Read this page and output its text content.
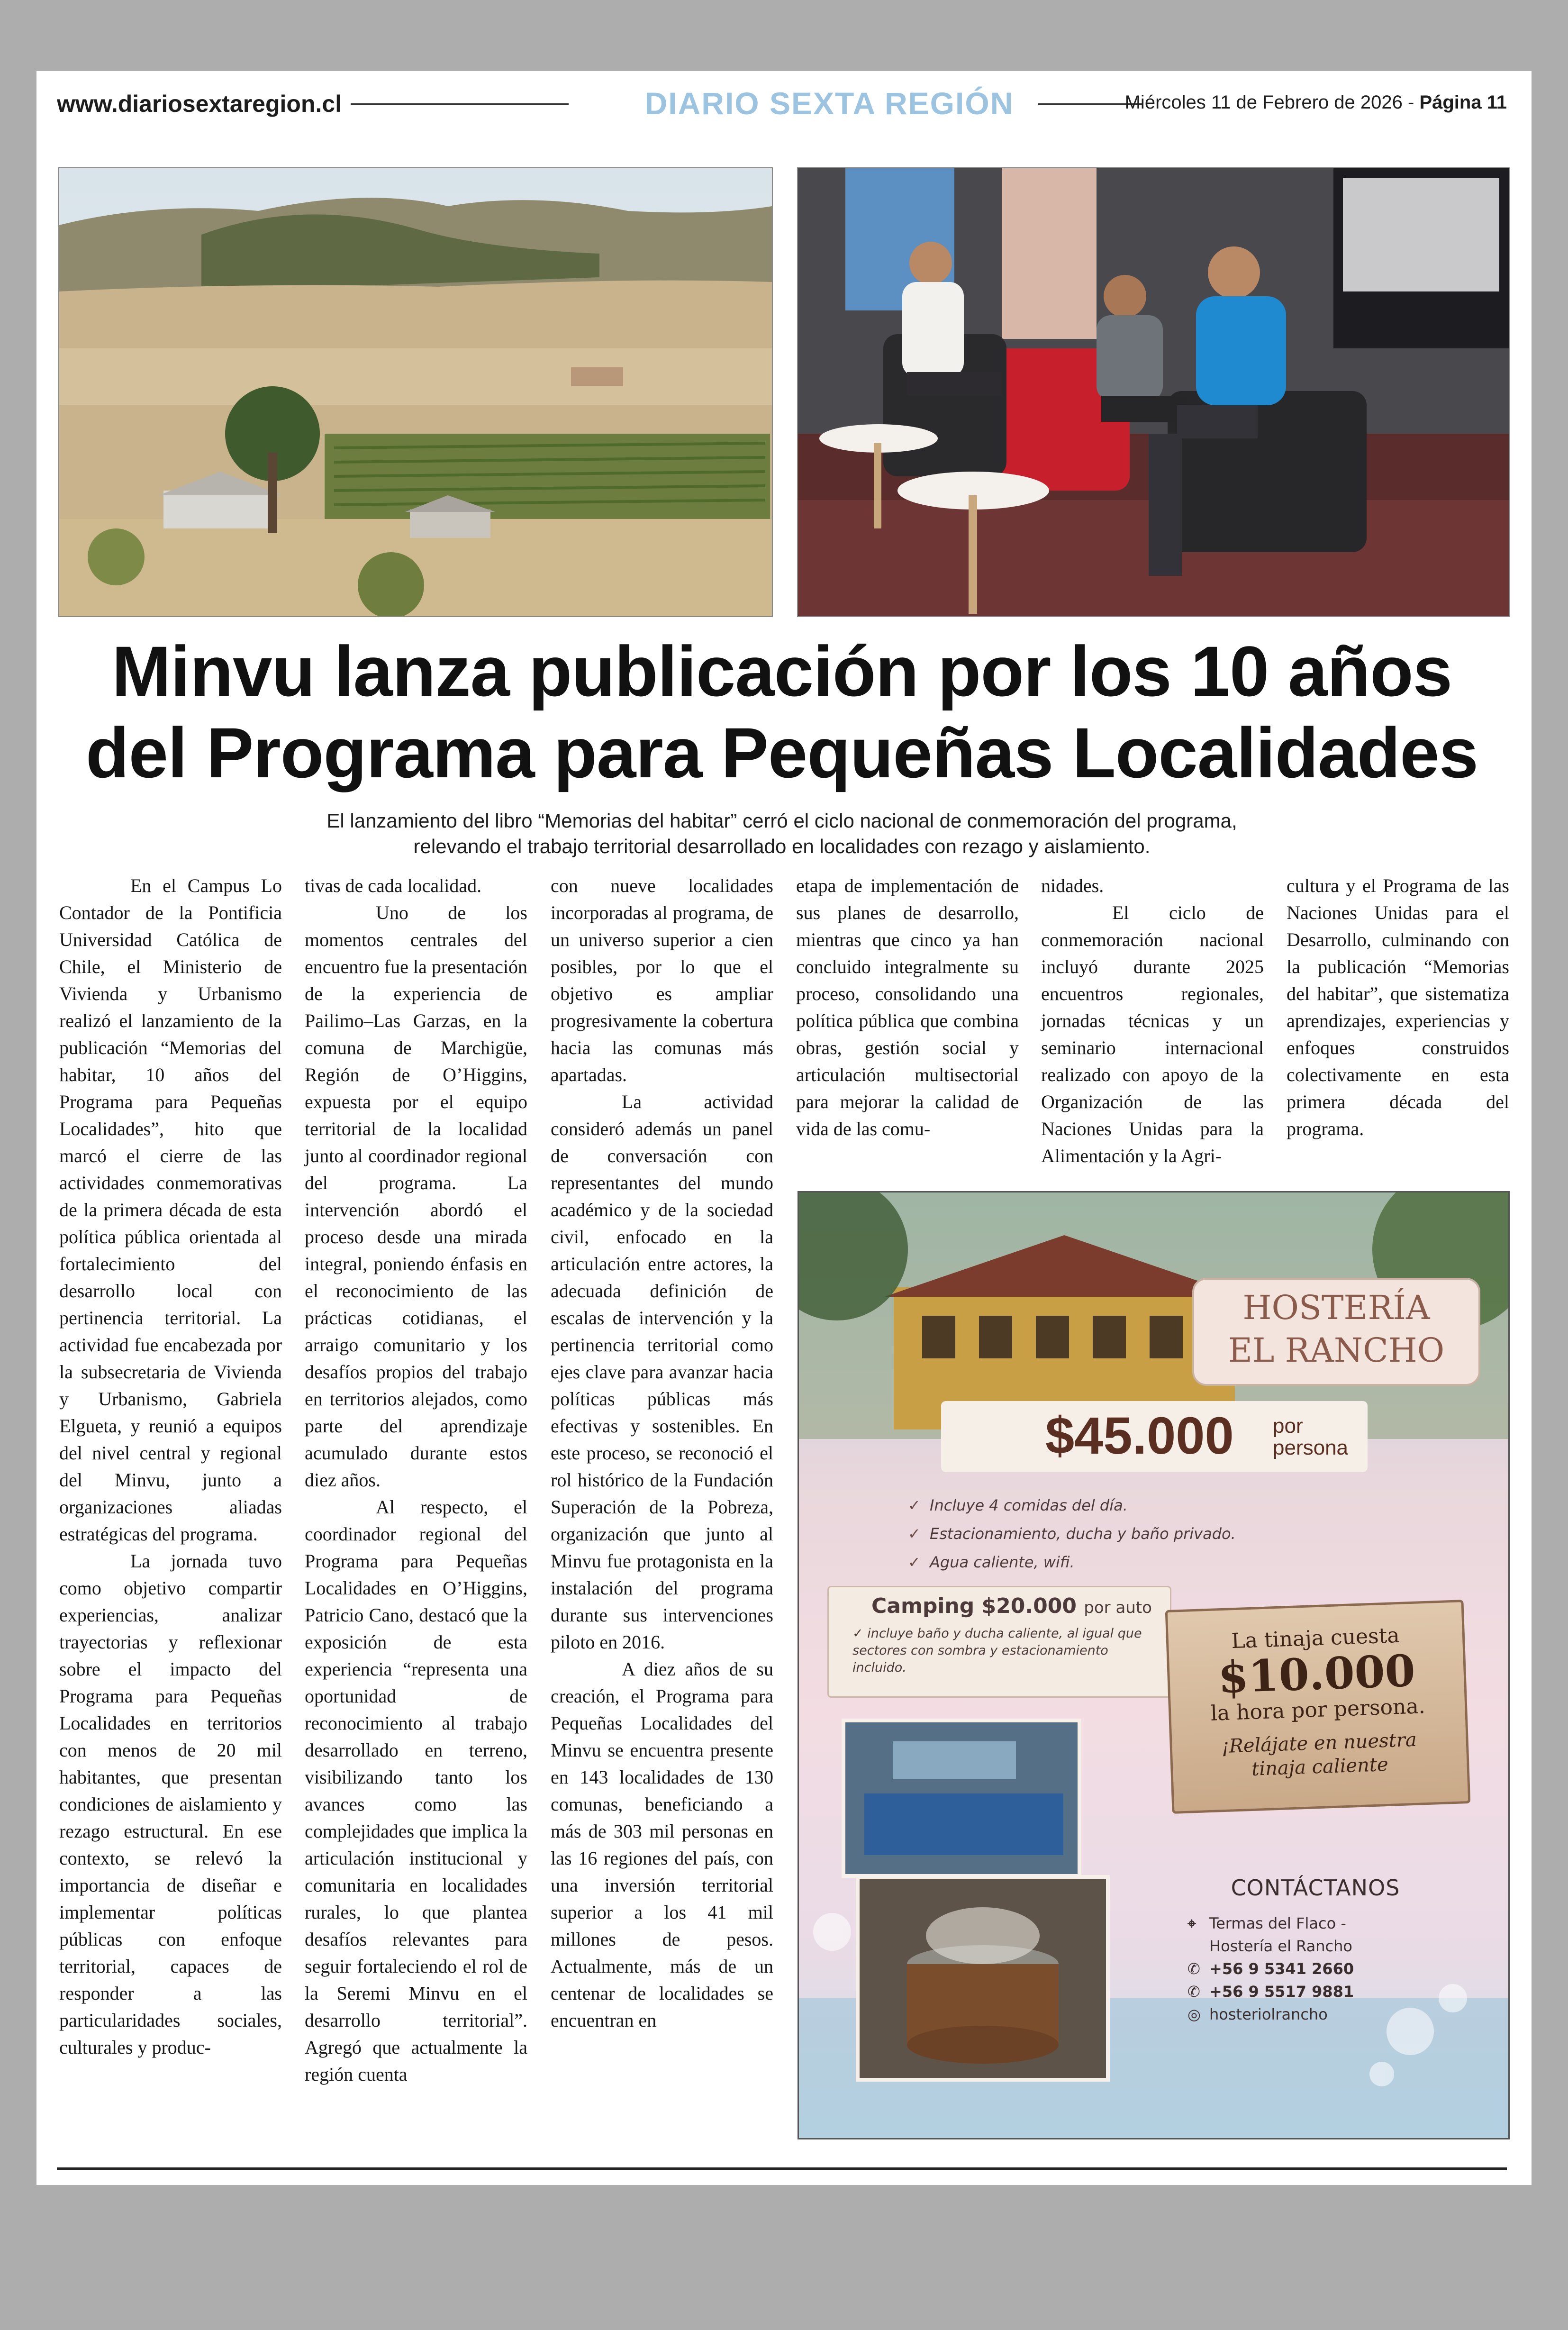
www.diariosextaregion.cl	DIARIO SEXTA REGIÓN	Miércoles 11 de Febrero de 2026 - Página 11
Minvu lanza publicación por los 10 años
del Programa para Pequeñas Localidades
El lanzamiento del libro “Memorias del habitar” cerró el ciclo nacional de conmemoración del programa,
relevando el trabajo territorial desarrollado en localidades con rezago y aislamiento.

En el Campus Lo Contador de la Pontificia Universidad Católica de Chile, el Ministerio de Vivienda y Urbanismo realizó el lanzamiento de la publicación “Memorias del habitar, 10 años del Programa para Pequeñas Localidades”, hito que marcó el cierre de las actividades conmemorativas de la primera década de esta política pública orientada al fortalecimiento del desarrollo local con pertinencia territorial. La actividad fue encabezada por la subsecretaria de Vivienda y Urbanismo, Gabriela Elgueta, y reunió a equipos del nivel central y regional del Minvu, junto a organizaciones aliadas estratégicas del programa.

La jornada tuvo como objetivo compartir experiencias, analizar trayectorias y reflexionar sobre el impacto del Programa para Pequeñas Localidades en territorios con menos de 20 mil habitantes, que presentan condiciones de aislamiento y rezago estructural. En ese contexto, se relevó la importancia de diseñar e implementar políticas públicas con enfoque territorial, capaces de responder a las particularidades sociales, culturales y produc-

tivas de cada localidad.

Uno de los momentos centrales del encuentro fue la presentación de la experiencia de Pailimo–Las Garzas, en la comuna de Marchigüe, Región de O’Higgins, expuesta por el equipo territorial de la localidad junto al coordinador regional del programa. La intervención abordó el proceso desde una mirada integral, poniendo énfasis en el reconocimiento de las prácticas cotidianas, el arraigo comunitario y los desafíos propios del trabajo en territorios alejados, como parte del aprendizaje acumulado durante estos diez años.

Al respecto, el coordinador regional del Programa para Pequeñas Localidades en O’Higgins, Patricio Cano, destacó que la exposición de esta experiencia “representa una oportunidad de reconocimiento al trabajo desarrollado en terreno, visibilizando tanto los avances como las complejidades que implica la articulación institucional y comunitaria en localidades rurales, lo que plantea desafíos relevantes para seguir fortaleciendo el rol de la Seremi Minvu en el desarrollo territorial”. Agregó que actualmente la región cuenta

con nueve localidades incorporadas al programa, de un universo superior a cien posibles, por lo que el objetivo es ampliar progresivamente la cobertura hacia las comunas más apartadas.

La actividad consideró además un panel de conversación con representantes del mundo académico y de la sociedad civil, enfocado en la articulación entre actores, la adecuada definición de escalas de intervención y la pertinencia territorial como ejes clave para avanzar hacia políticas públicas más efectivas y sostenibles. En este proceso, se reconoció el rol histórico de la Fundación Superación de la Pobreza, organización que junto al Minvu fue protagonista en la instalación del programa durante sus intervenciones piloto en 2016.

A diez años de su creación, el Programa para Pequeñas Localidades del Minvu se encuentra presente en 143 localidades de 130 comunas, beneficiando a más de 303 mil personas en las 16 regiones del país, con una inversión territorial superior a los 41 mil millones de pesos. Actualmente, más de un centenar de localidades se encuentran en

etapa de implementación de sus planes de desarrollo, mientras que cinco ya han concluido integralmente su proceso, consolidando una política pública que combina obras, gestión social y articulación multisectorial para mejorar la calidad de vida de las comu-

nidades.

El ciclo de conmemoración nacional incluyó durante 2025 encuentros regionales, jornadas técnicas y un seminario internacional realizado con apoyo de la Organización de las Naciones Unidas para la Alimentación y la Agri-

cultura y el Programa de las Naciones Unidas para el Desarrollo, culminando con la publicación “Memorias del habitar”, que sistematiza aprendizajes, experiencias y enfoques construidos colectivamente en esta primera década del programa.

HOSTERÍA
EL RANCHO
$45.000 por
persona
✓ Incluye 4 comidas del día.
✓ Estacionamiento, ducha y baño privado.
✓ Agua caliente, wifi.
Camping $20.000 por auto
✓ incluye baño y ducha caliente, al igual que sectores con sombra y estacionamiento incluido.
La tinaja cuesta
$10.000
la hora por persona.
¡Relájate en nuestra
tinaja caliente
CONTÁCTANOS
⌖ Termas del Flaco -
Hostería el Rancho
✆ +56 9 5341 2660
✆ +56 9 5517 9881
◎ hosteriolrancho
